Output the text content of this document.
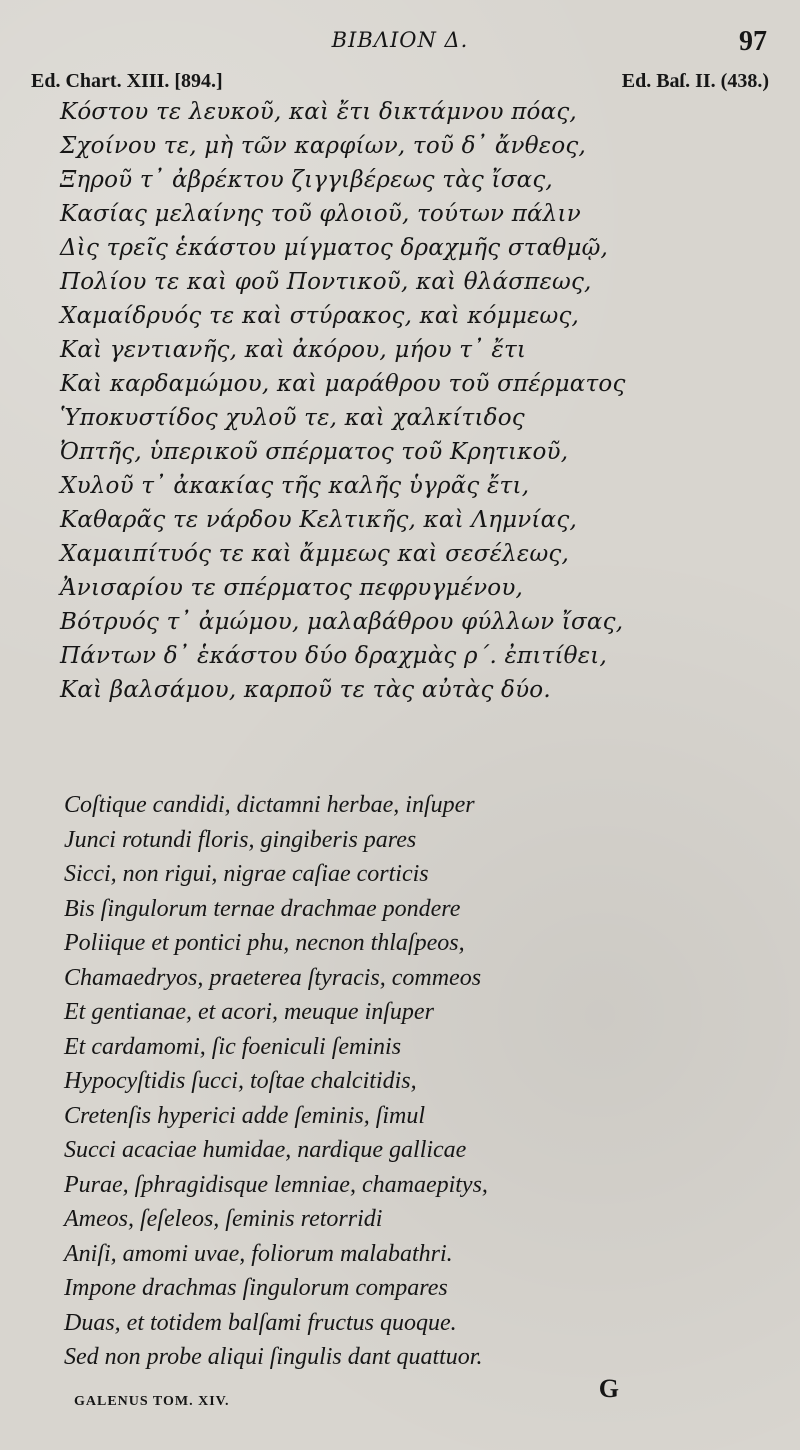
ΒΙΒΛΙΟΝ Δ.	97
Ed. Chart. XIII. [894.]	Ed. Baſ. II. (438.)
Κόστου τε λευκοῦ, καὶ ἔτι δικτάμνου πόας,
Σχοίνου τε, μὴ τῶν καρφίων, τοῦ δ᾽ ἄνθεος,
Ξηροῦ τ᾽ ἀβρέκτου ζιγγιβέρεως τὰς ἴσας,
Κασίας μελαίνης τοῦ φλοιοῦ, τούτων πάλιν
Δὶς τρεῖς ἑκάστου μίγματος δραχμῆς σταθμῷ,
Πολίου τε καὶ φοῦ Ποντικοῦ, καὶ θλάσπεως,
Χαμαίδρυός τε καὶ στύρακος, καὶ κόμμεως,
Καὶ γεντιανῆς, καὶ ἀκόρου, μήου τ᾽ ἔτι
Καὶ καρδαμώμου, καὶ μαράθρου τοῦ σπέρματος
Ὑποκυστίδος χυλοῦ τε, καὶ χαλκίτιδος
Ὀπτῆς, ὑπερικοῦ σπέρματος τοῦ Κρητικοῦ,
Χυλοῦ τ᾽ ἀκακίας τῆς καλῆς ὑγρᾶς ἔτι,
Καθαρᾶς τε νάρδου Κελτικῆς, καὶ Λημνίας,
Χαμαιπίτυός τε καὶ ἄμμεως καὶ σεσέλεως,
Ἀνισαρίου τε σπέρματος πεφρυγμένου,
Βότρυός τ᾽ ἀμώμου, μαλαβάθρου φύλλων ἴσας,
Πάντων δ᾽ ἑκάστου δύο δραχμὰς ρ΄. ἐπιτίθει,
Καὶ βαλσάμου, καρποῦ τε τὰς αὐτὰς δύο.
Coſtique candidi, dictamni herbae, inſuper
Junci rotundi floris, gingiberis pares
Sicci, non rigui, nigrae caſiae corticis
Bis ſingulorum ternae drachmae pondere
Poliique et pontici phu, necnon thlaſpeos,
Chamaedryos, praeterea ſtyracis, commeos
Et gentianae, et acori, meuque inſuper
Et cardamomi, ſic foeniculi ſeminis
Hypocyſtidis ſucci, toſtae chalcitidis,
Cretenſis hyperici adde ſeminis, ſimul
Succi acaciae humidae, nardique gallicae
Purae, ſphragidisque lemniae, chamaepitys,
Ameos, ſeſeleos, ſeminis retorridi
Aniſi, amomi uvae, foliorum malabathri.
Impone drachmas ſingulorum compares
Duas, et totidem balſami fructus quoque.
Sed non probe aliqui ſingulis dant quattuor.
G
GALENUS TOM. XIV.
